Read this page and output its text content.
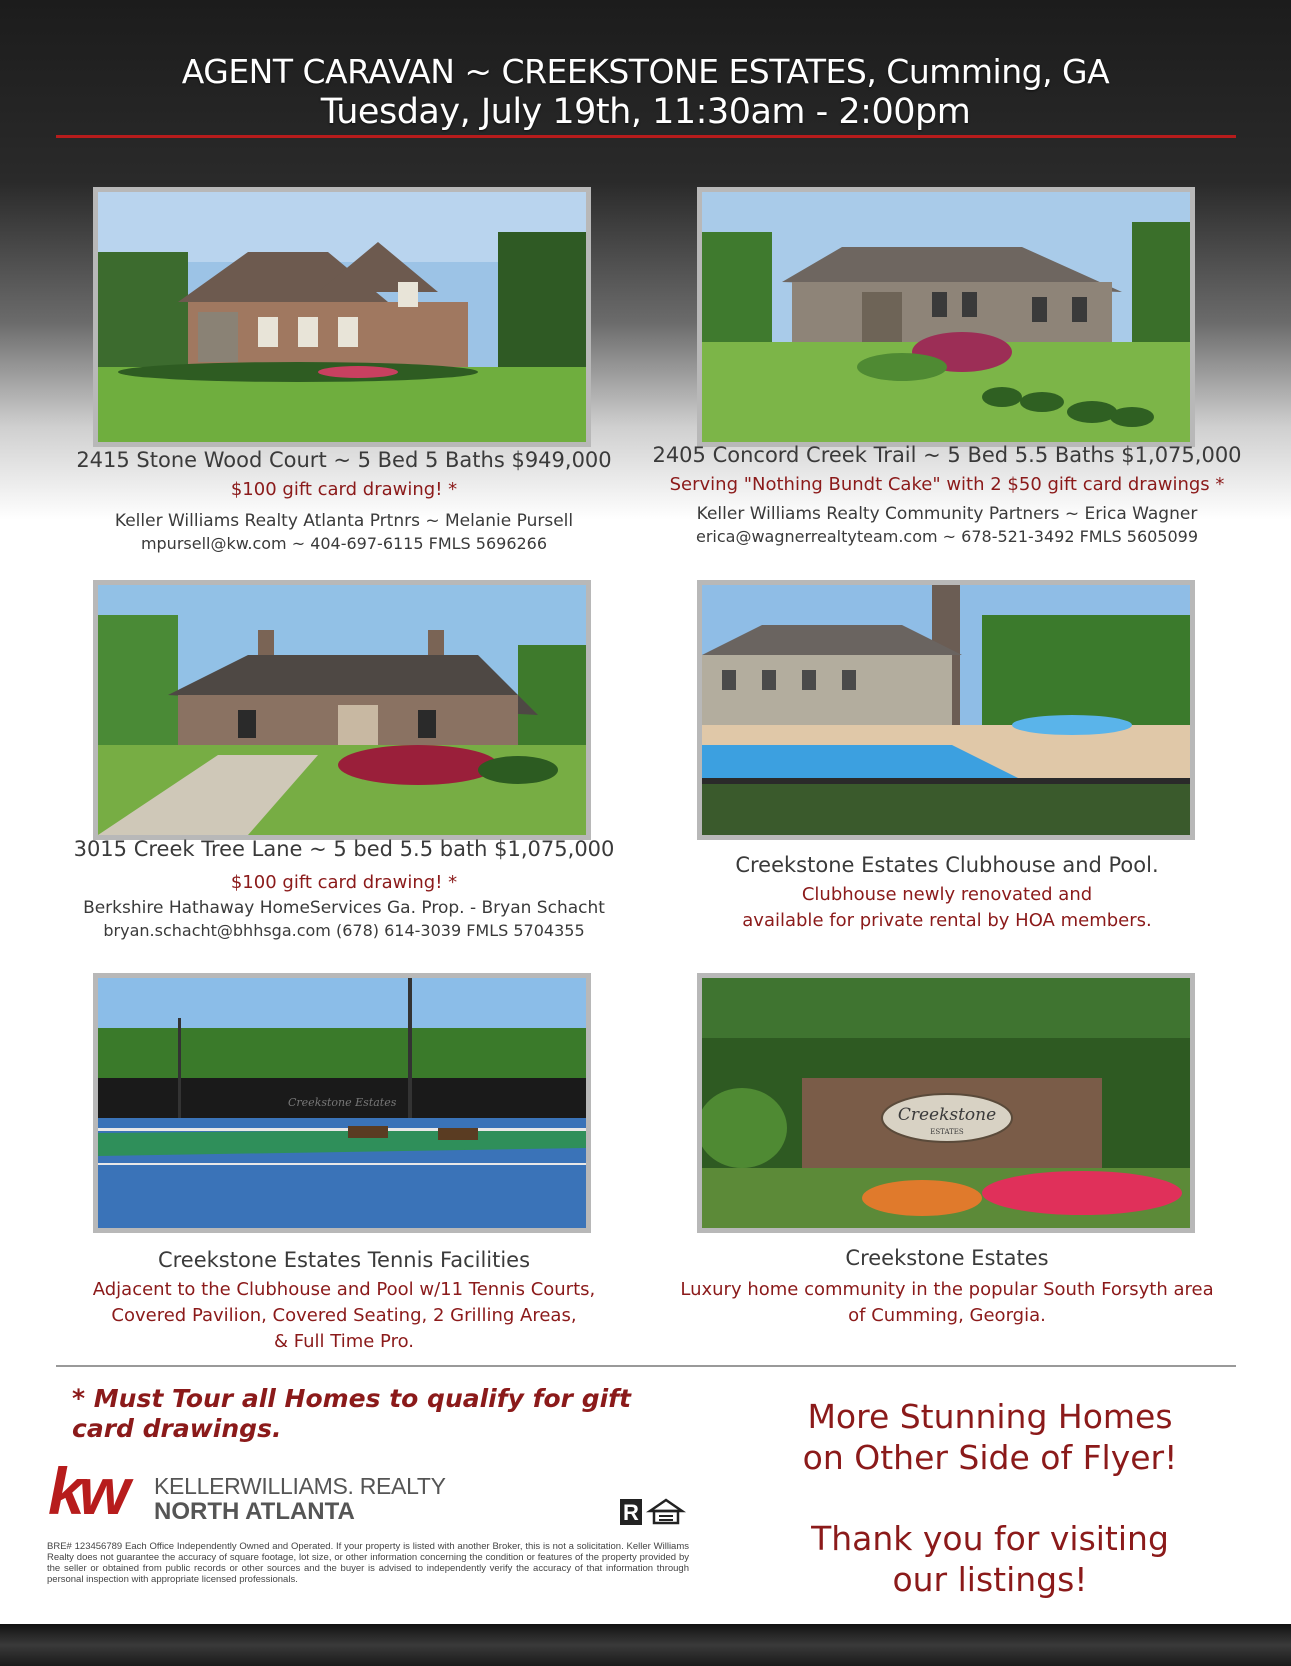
AGENT CARAVAN ~ CREEKSTONE ESTATES, Cumming, GA
Tuesday, July 19th, 11:30am - 2:00pm
2415 Stone Wood Court ~ 5 Bed 5 Baths $949,000
$100 gift card drawing! *
Keller Williams Realty Atlanta Prtnrs ~ Melanie Pursell
mpursell@kw.com ~ 404-697-6115 FMLS 5696266
2405 Concord Creek Trail ~ 5 Bed 5.5 Baths $1,075,000
Serving "Nothing Bundt Cake" with 2 $50 gift card drawings *
Keller Williams Realty Community Partners ~ Erica Wagner
erica@wagnerrealtyteam.com ~ 678-521-3492 FMLS 5605099
3015 Creek Tree Lane ~ 5 bed 5.5 bath $1,075,000
$100 gift card drawing! *
Berkshire Hathaway HomeServices Ga. Prop. - Bryan Schacht
bryan.schacht@bhhsga.com (678) 614-3039 FMLS 5704355
Creekstone Estates Clubhouse and Pool.
Clubhouse newly renovated and
available for private rental by HOA members.
Creekstone Estates
Creekstone Estates Tennis Facilities
Adjacent to the Clubhouse and Pool w/11 Tennis Courts,
Covered Pavilion, Covered Seating, 2 Grilling Areas,
& Full Time Pro.
Creekstone
ESTATES
Creekstone Estates
Luxury home community in the popular South Forsyth area
of Cumming, Georgia.
* Must Tour all Homes to qualify for gift card drawings.
kw KELLERWILLIAMS. REALTY
NORTH ATLANTA	R
BRE# 123456789 Each Office Independently Owned and Operated. If your property is listed with another Broker, this is not a solicitation. Keller Williams Realty does not guarantee the accuracy of square footage, lot size, or other information concerning the condition or features of the property provided by the seller or obtained from public records or other sources and the buyer is advised to independently verify the accuracy of that information through personal inspection with appropriate licensed professionals.
More Stunning Homes
on Other Side of Flyer!
Thank you for visiting
our listings!
